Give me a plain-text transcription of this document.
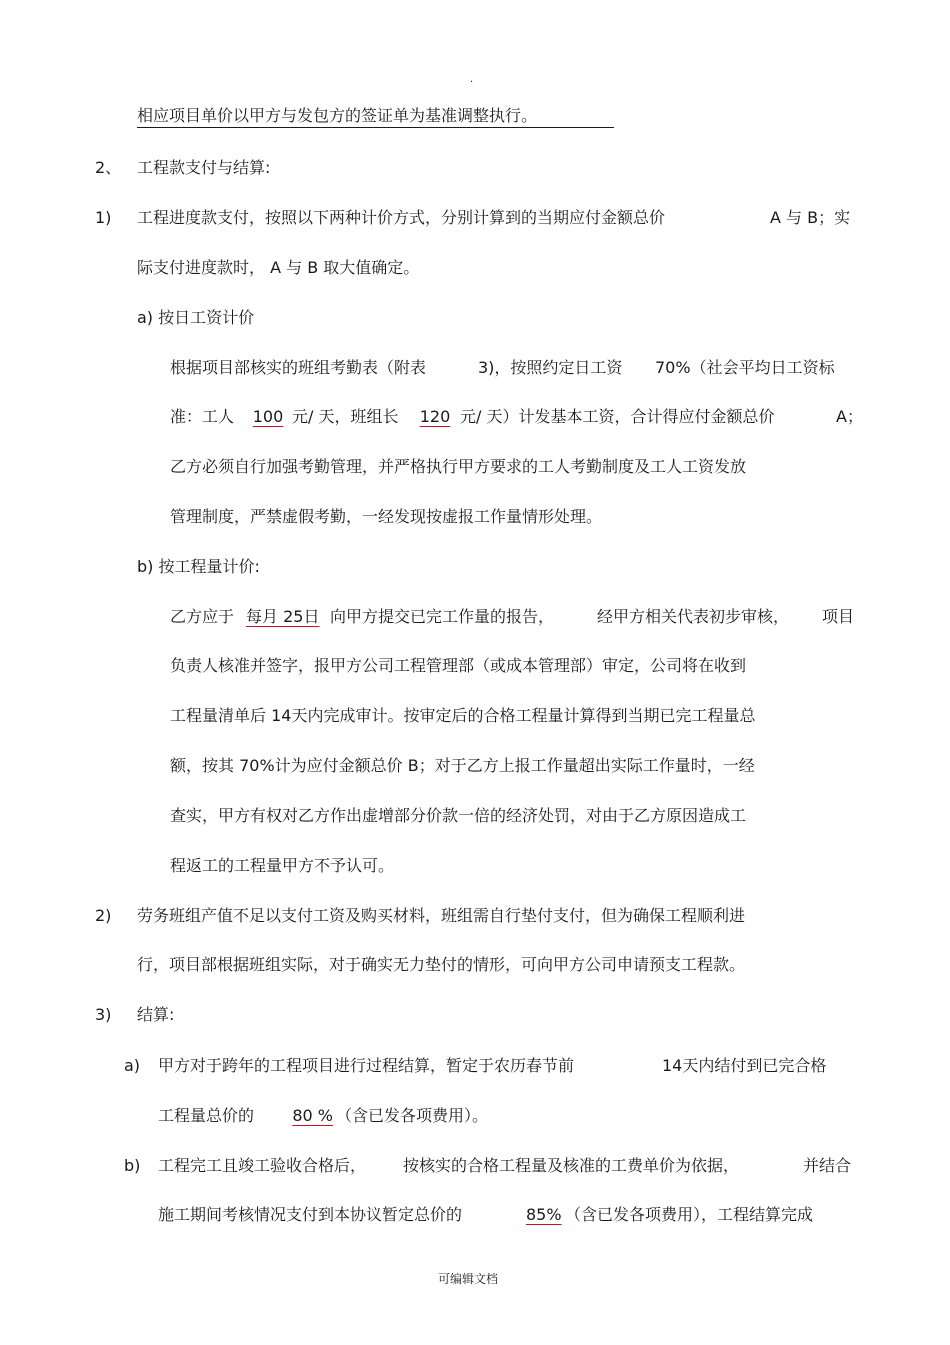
.
相应项目单价以甲方与发包方的签证单为基准调整执行。
2、 工程款支付与结算:
1) 工程进度款支付，按照以下两种计价方式，分别计算到的当期应付金额总价	A 与 B；实
际支付进度款时， A 与 B 取大值确定。
a) 按日工资计价
根据项目部核实的班组考勤表（附表	3)，按照约定日工资 70%（社会平均日工资标
准：工人	100 元/ 天，班组长	120 元/ 天）计发基本工资，合计得应付金额总价	A；
乙方必须自行加强考勤管理，并严格执行甲方要求的工人考勤制度及工人工资发放
管理制度，严禁虚假考勤，一经发现按虚报工作量情形处理。
b) 按工程量计价:
乙方应于 每月 25日 向甲方提交已完工作量的报告，	经甲方相关代表初步审核， 项目
负责人核准并签字，报甲方公司工程管理部（或成本管理部）审定，公司将在收到
工程量清单后 14天内完成审计。按审定后的合格工程量计算得到当期已完工程量总
额，按其 70%计为应付金额总价 B；对于乙方上报工作量超出实际工作量时，一经
查实，甲方有权对乙方作出虚增部分价款一倍的经济处罚，对由于乙方原因造成工
程返工的工程量甲方不予认可。
2) 劳务班组产值不足以支付工资及购买材料，班组需自行垫付支付，但为确保工程顺利进
行，项目部根据班组实际，对于确实无力垫付的情形，可向甲方公司申请预支工程款。
3) 结算:
a) 甲方对于跨年的工程项目进行过程结算，暂定于农历春节前	14天内结付到已完合格
工程量总价的	80 % （含已发各项费用）。
b) 工程完工且竣工验收合格后， 按核实的合格工程量及核准的工费单价为依据，	并结合
施工期间考核情况支付到本协议暂定总价的	85% （含已发各项费用），工程结算完成
可编辑文档
